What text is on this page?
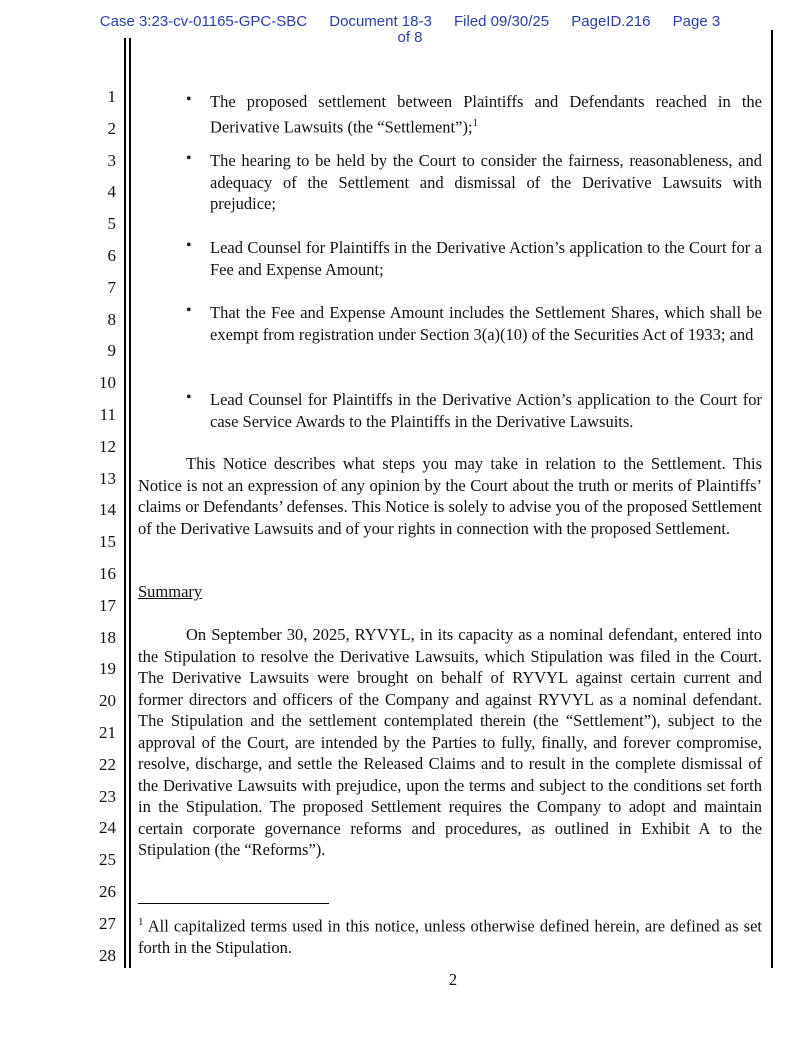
Case 3:23-cv-01165-GPC-SBC Document 18-3 Filed 09/30/25 PageID.216 Page 3
of 8
1
2
3
4
5
6
7
8
9
10
11
12
13
14
15
16
17
18
19
20
21
22
23
24
25
26
27
28
• The proposed settlement between Plaintiffs and Defendants reached in the Derivative Lawsuits (the “Settlement”);$^1$
• The hearing to be held by the Court to consider the fairness, reasonableness, and adequacy of the Settlement and dismissal of the Derivative Lawsuits with prejudice;
• Lead Counsel for Plaintiffs in the Derivative Action’s application to the Court for a Fee and Expense Amount;
• That the Fee and Expense Amount includes the Settlement Shares, which shall be exempt from registration under Section 3(a)(10) of the Securities Act of 1933; and
• Lead Counsel for Plaintiffs in the Derivative Action’s application to the Court for case Service Awards to the Plaintiffs in the Derivative Lawsuits.
This Notice describes what steps you may take in relation to the Settlement. This Notice is not an expression of any opinion by the Court about the truth or merits of Plaintiffs’ claims or Defendants’ defenses. This Notice is solely to advise you of the proposed Settlement of the Derivative Lawsuits and of your rights in connection with the proposed Settlement.
Summary
On September 30, 2025, RYVYL, in its capacity as a nominal defendant, entered into the Stipulation to resolve the Derivative Lawsuits, which Stipulation was filed in the Court. The Derivative Lawsuits were brought on behalf of RYVYL against certain current and former directors and officers of the Company and against RYVYL as a nominal defendant. The Stipulation and the settlement contemplated therein (the “Settlement”), subject to the approval of the Court, are intended by the Parties to fully, finally, and forever compromise, resolve, discharge, and settle the Released Claims and to result in the complete dismissal of the Derivative Lawsuits with prejudice, upon the terms and subject to the conditions set forth in the Stipulation. The proposed Settlement requires the Company to adopt and maintain certain corporate governance reforms and procedures, as outlined in Exhibit A to the Stipulation (the “Reforms”).
$^1$ All capitalized terms used in this notice, unless otherwise defined herein, are defined as set forth in the Stipulation.
2
